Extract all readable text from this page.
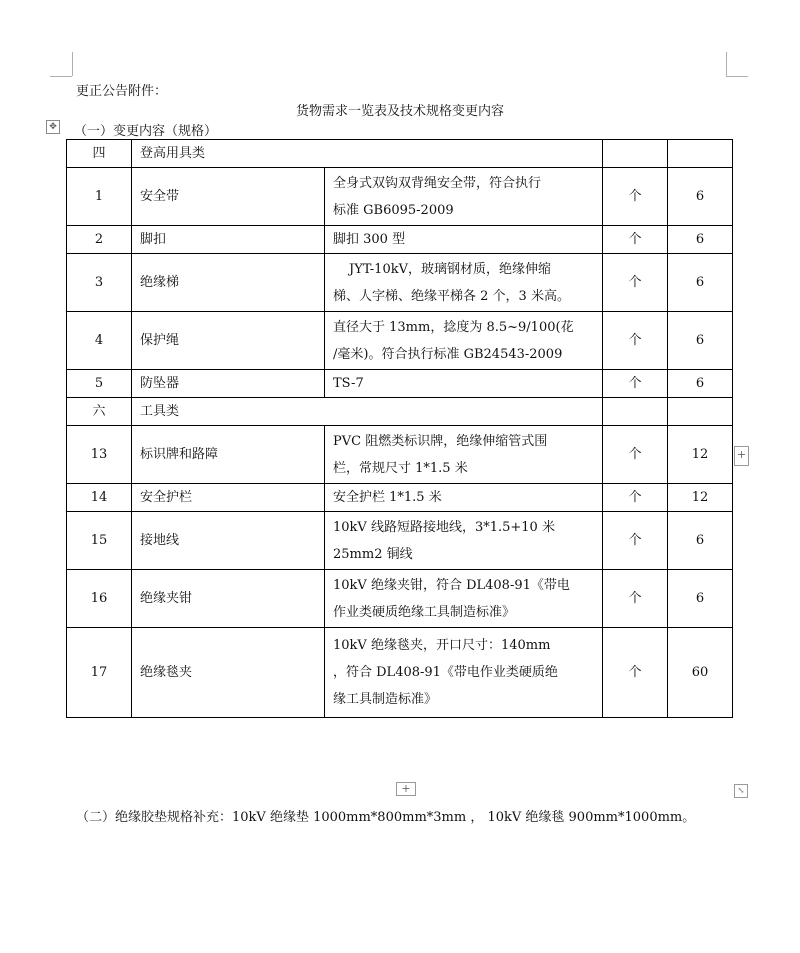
更正公告附件：
货物需求一览表及技术规格变更内容
✥ （一）变更内容（规格）
四	登高用具类			
1	安全带	全身式双钩双背绳安全带，符合执行
标准 GB6095-2009	个	6
2	脚扣	脚扣 300 型	个	6
3	绝缘梯	JYT-10kV，玻璃钢材质，绝缘伸缩
梯、人字梯、绝缘平梯各 2 个，3 米高。	个	6
4	保护绳	直径大于 13mm，捻度为 8.5~9/100(花
/毫米)。符合执行标准 GB24543-2009	个	6
5	防坠器	TS-7	个	6
六	工具类			
13	标识牌和路障	PVC 阻燃类标识牌，绝缘伸缩管式围
栏，常规尺寸 1*1.5 米	个	12
14	安全护栏	安全护栏 1*1.5 米	个	12
15	接地线	10kV 线路短路接地线，3*1.5+10 米
25mm2 铜线	个	6
16	绝缘夹钳	10kV 绝缘夹钳，符合 DL408-91《带电
作业类硬质绝缘工具制造标准》	个	6
17	绝缘毯夹	10kV 绝缘毯夹，开口尺寸：140mm
，符合 DL408-91《带电作业类硬质绝
缘工具制造标准》	个	60
+
+	⤡
（二）绝缘胶垫规格补充：10kV 绝缘垫 1000mm*800mm*3mm ， 10kV 绝缘毯 900mm*1000mm。
